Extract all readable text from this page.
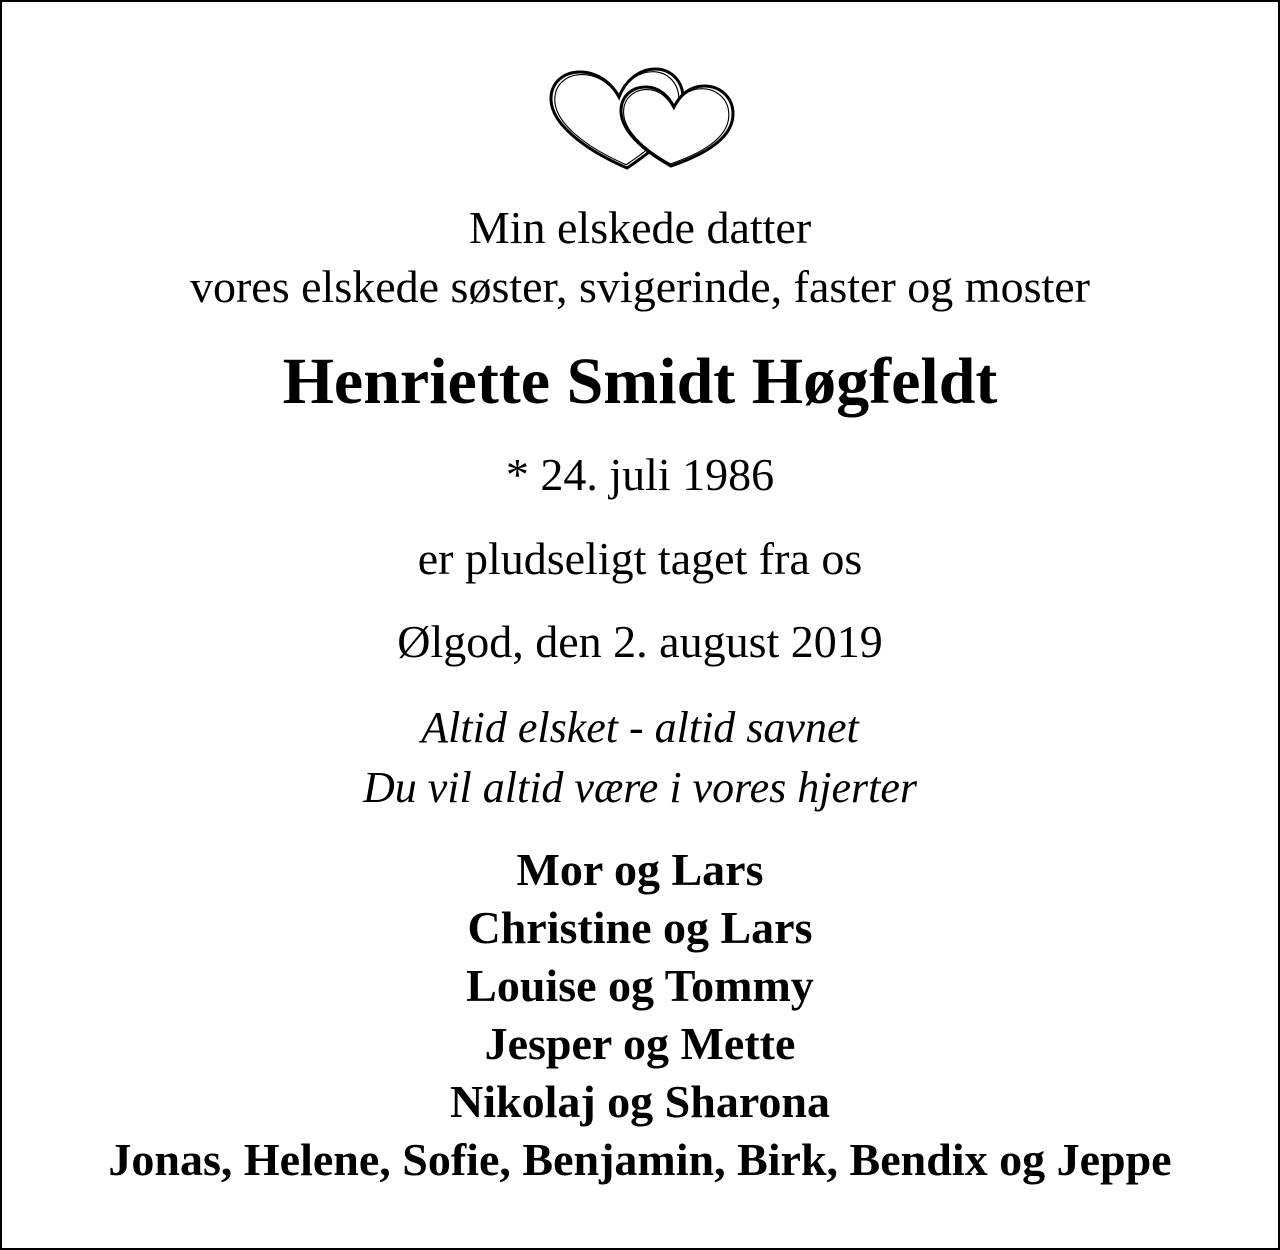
Min elskede datter
vores elskede søster, svigerinde, faster og moster
Henriette Smidt Høgfeldt
* 24. juli 1986
er pludseligt taget fra os
Ølgod, den 2. august 2019
Altid elsket - altid savnet
Du vil altid være i vores hjerter
Mor og Lars
Christine og Lars
Louise og Tommy
Jesper og Mette
Nikolaj og Sharona
Jonas, Helene, Sofie, Benjamin, Birk, Bendix og Jeppe
